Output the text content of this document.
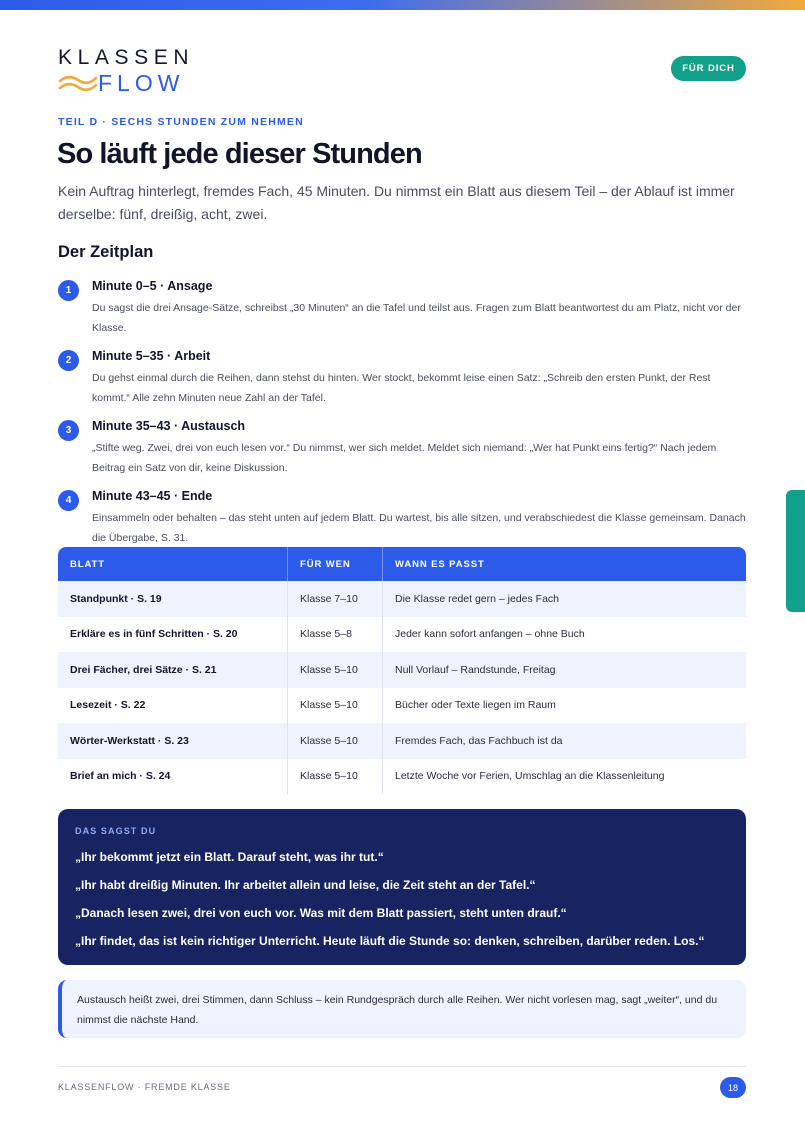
KLASSEN
FLOW
FÜR DICH
TEIL D · SECHS STUNDEN ZUM NEHMEN
So läuft jede dieser Stunden
Kein Auftrag hinterlegt, fremdes Fach, 45 Minuten. Du nimmst ein Blatt aus diesem Teil – der Ablauf ist immer derselbe: fünf, dreißig, acht, zwei.
Der Zeitplan
1	Minute 0–5 · Ansage
Du sagst die drei Ansage-Sätze, schreibst „30 Minuten“ an die Tafel und teilst aus. Fragen zum Blatt beantwortest du am Platz, nicht vor der Klasse.
2	Minute 5–35 · Arbeit
Du gehst einmal durch die Reihen, dann stehst du hinten. Wer stockt, bekommt leise einen Satz: „Schreib den ersten Punkt, der Rest kommt.“ Alle zehn Minuten neue Zahl an der Tafel.
3	Minute 35–43 · Austausch
„Stifte weg. Zwei, drei von euch lesen vor.“ Du nimmst, wer sich meldet. Meldet sich niemand: „Wer hat Punkt eins fertig?“ Nach jedem Beitrag ein Satz von dir, keine Diskussion.
4	Minute 43–45 · Ende
Einsammeln oder behalten – das steht unten auf jedem Blatt. Du wartest, bis alle sitzen, und verabschiedest die Klasse gemeinsam. Danach die Übergabe, S. 31.
BLATT	FÜR WEN	WANN ES PASST
Standpunkt · S. 19	Klasse 7–10	Die Klasse redet gern – jedes Fach
Erkläre es in fünf Schritten · S. 20	Klasse 5–8	Jeder kann sofort anfangen – ohne Buch
Drei Fächer, drei Sätze · S. 21	Klasse 5–10	Null Vorlauf – Randstunde, Freitag
Lesezeit · S. 22	Klasse 5–10	Bücher oder Texte liegen im Raum
Wörter-Werkstatt · S. 23	Klasse 5–10	Fremdes Fach, das Fachbuch ist da
Brief an mich · S. 24	Klasse 5–10	Letzte Woche vor Ferien, Umschlag an die Klassenleitung
DAS SAGST DU
„Ihr bekommt jetzt ein Blatt. Darauf steht, was ihr tut.“
„Ihr habt dreißig Minuten. Ihr arbeitet allein und leise, die Zeit steht an der Tafel.“
„Danach lesen zwei, drei von euch vor. Was mit dem Blatt passiert, steht unten drauf.“
„Ihr findet, das ist kein richtiger Unterricht. Heute läuft die Stunde so: denken, schreiben, darüber reden. Los.“
Austausch heißt zwei, drei Stimmen, dann Schluss – kein Rundgespräch durch alle Reihen. Wer nicht vorlesen mag, sagt „weiter“, und du nimmst die nächste Hand.
KLASSENFLOW · FREMDE KLASSE	18
